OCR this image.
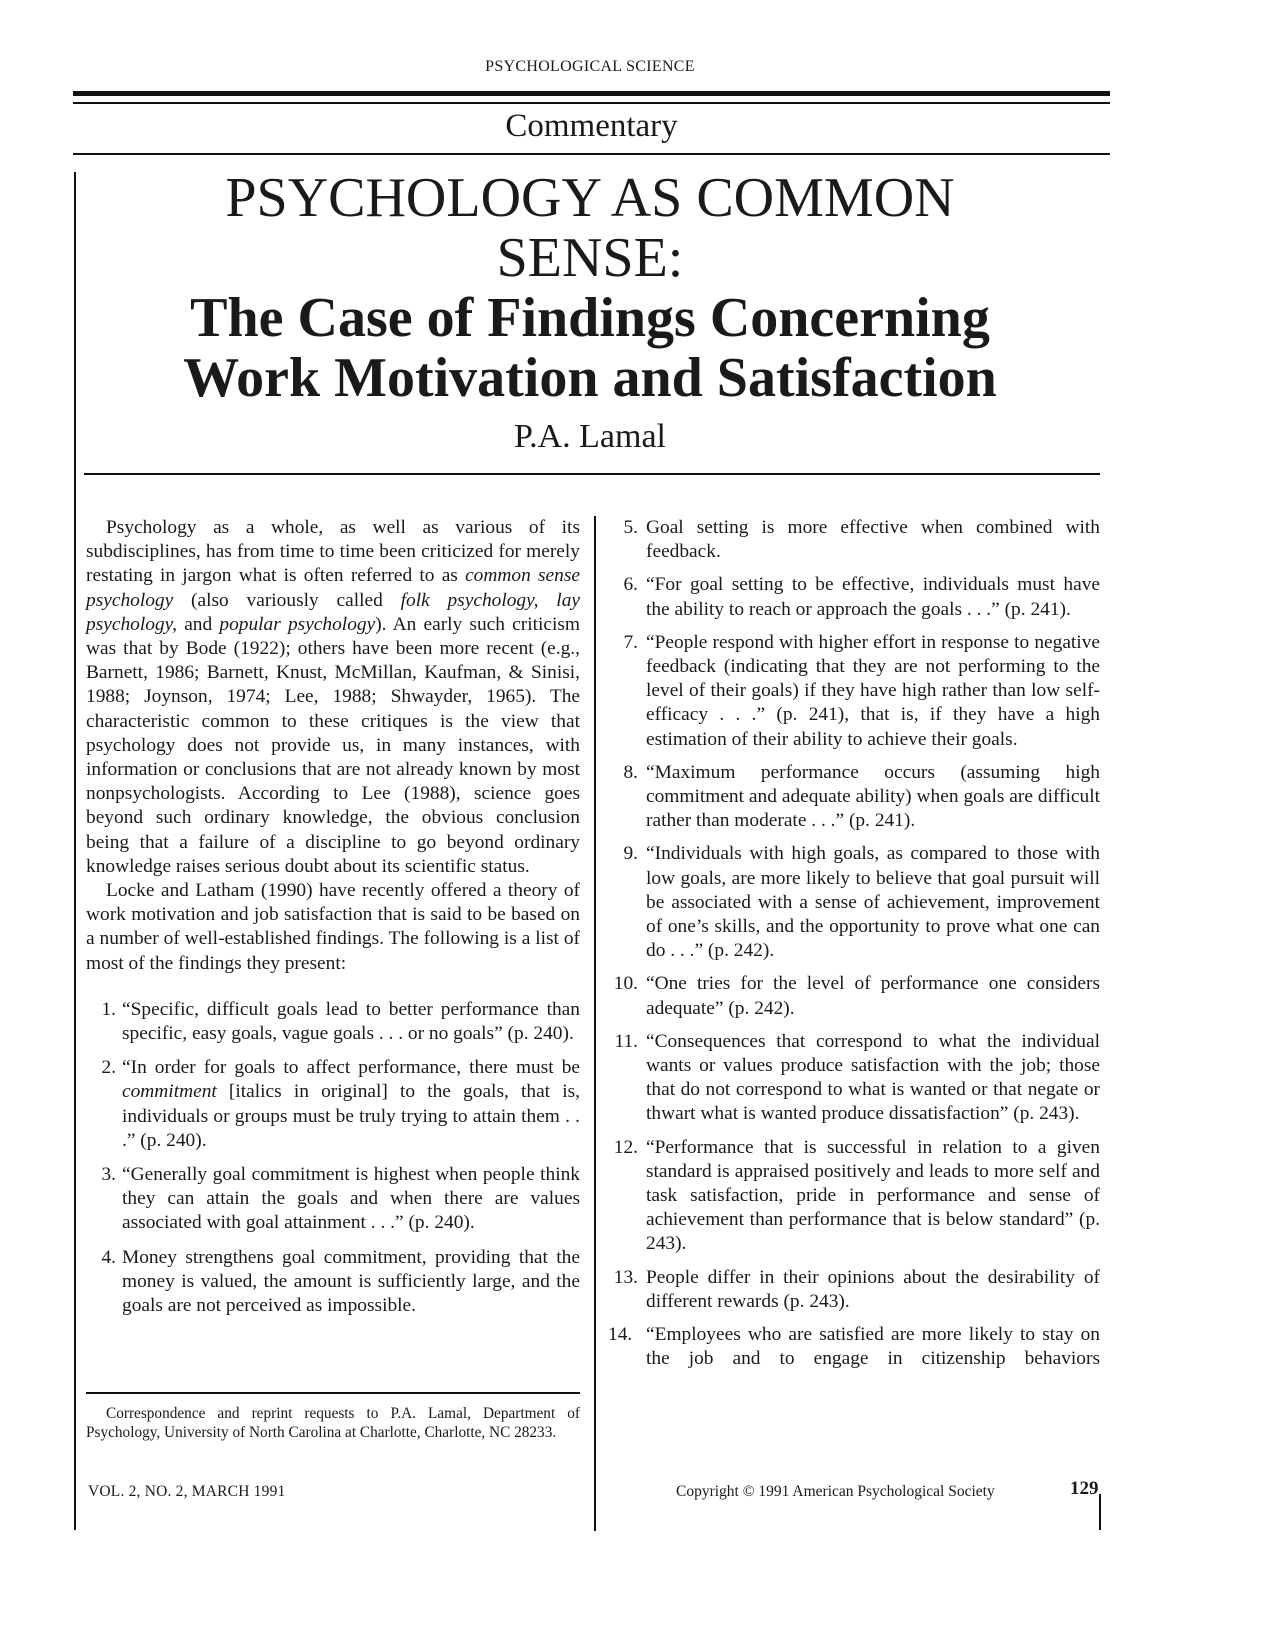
PSYCHOLOGICAL SCIENCE
Commentary
PSYCHOLOGY AS COMMON
SENSE:
The Case of Findings Concerning
Work Motivation and Satisfaction
P.A. Lamal

Psychology as a whole, as well as various of its subdisciplines, has from time to time been criticized for merely restating in jargon what is often referred to as common sense psychology (also variously called folk psychology, lay psychology, and popular psychology). An early such criticism was that by Bode (1922); others have been more recent (e.g., Barnett, 1986; Barnett, Knust, McMillan, Kaufman, & Sinisi, 1988; Joynson, 1974; Lee, 1988; Shwayder, 1965). The characteristic common to these critiques is the view that psychology does not provide us, in many instances, with information or conclusions that are not already known by most nonpsychologists. According to Lee (1988), science goes beyond such ordinary knowledge, the obvious conclusion being that a failure of a discipline to go beyond ordinary knowledge raises serious doubt about its scientific status.

Locke and Latham (1990) have recently offered a theory of work motivation and job satisfaction that is said to be based on a number of well-established findings. The following is a list of most of the findings they present:

1. “Specific, difficult goals lead to better performance than specific, easy goals, vague goals . . . or no goals” (p. 240).
2. “In order for goals to affect performance, there must be commitment [italics in original] to the goals, that is, individuals or groups must be truly trying to attain them . . .” (p. 240).
3. “Generally goal commitment is highest when people think they can attain the goals and when there are values associated with goal attainment . . .” (p. 240).
4. Money strengthens goal commitment, providing that the money is valued, the amount is sufficiently large, and the goals are not perceived as impossible.

Correspondence and reprint requests to P.A. Lamal, Department of Psychology, University of North Carolina at Charlotte, Charlotte, NC 28233.

5. Goal setting is more effective when combined with feedback.
6. “For goal setting to be effective, individuals must have the ability to reach or approach the goals . . .” (p. 241).
7. “People respond with higher effort in response to negative feedback (indicating that they are not performing to the level of their goals) if they have high rather than low self-efficacy . . .” (p. 241), that is, if they have a high estimation of their ability to achieve their goals.
8. “Maximum performance occurs (assuming high commitment and adequate ability) when goals are difficult rather than moderate . . .” (p. 241).
9. “Individuals with high goals, as compared to those with low goals, are more likely to believe that goal pursuit will be associated with a sense of achievement, improvement of one’s skills, and the opportunity to prove what one can do . . .” (p. 242).
10. “One tries for the level of performance one considers adequate” (p. 242).
11. “Consequences that correspond to what the individual wants or values produce satisfaction with the job; those that do not correspond to what is wanted or that negate or thwart what is wanted produce dissatisfaction” (p. 243).
12. “Performance that is successful in relation to a given standard is appraised positively and leads to more self and task satisfaction, pride in performance and sense of achievement than performance that is below standard” (p. 243).
13. People differ in their opinions about the desirability of different rewards (p. 243).
14. “Employees who are satisfied are more likely to stay on the job and to engage in citizenship behaviors
VOL. 2, NO. 2, MARCH 1991	Copyright © 1991 American Psychological Society	129
